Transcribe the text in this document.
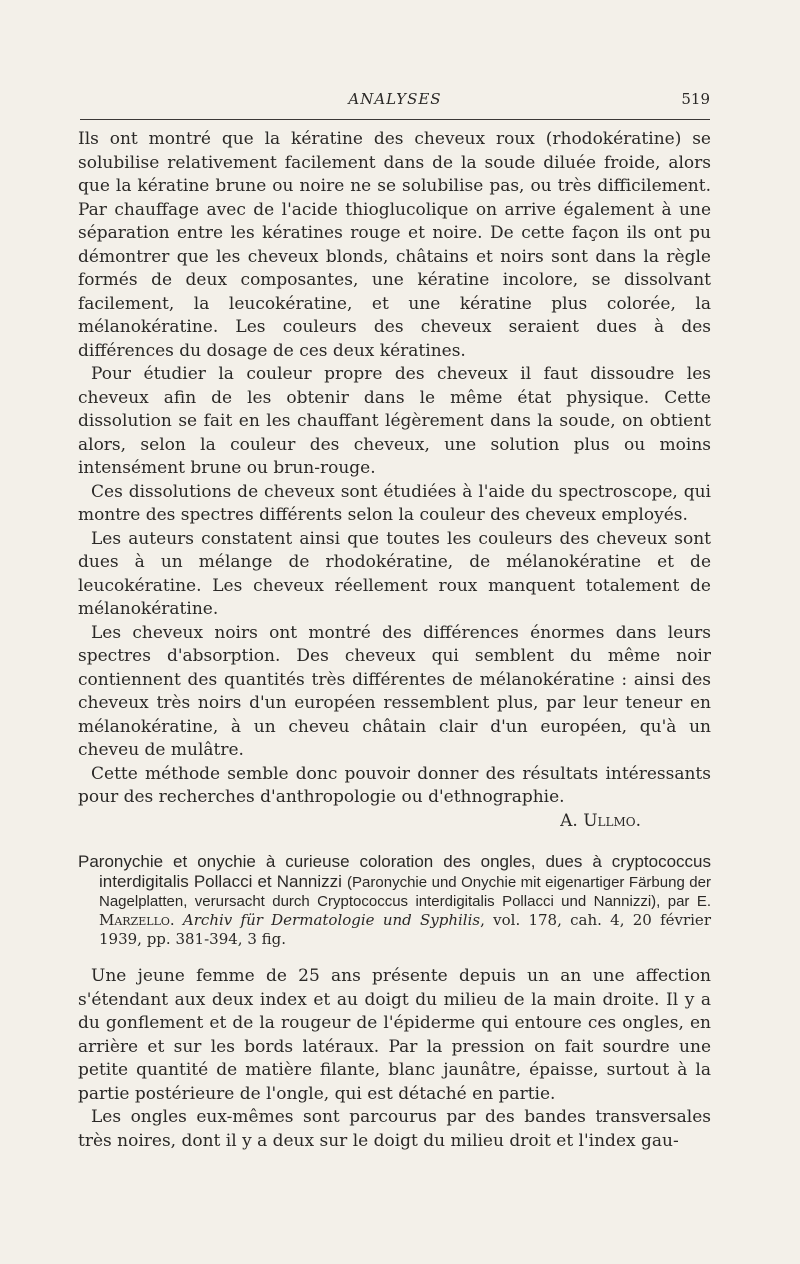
ANALYSES	519

Ils ont montré que la kératine des cheveux roux (rhodokératine) se solubilise relativement facilement dans de la soude diluée froide, alors que la kératine brune ou noire ne se solubilise pas, ou très difficilement. Par chauffage avec de l'acide thioglucolique on arrive également à une séparation entre les kératines rouge et noire. De cette façon ils ont pu démontrer que les cheveux blonds, châtains et noirs sont dans la règle formés de deux composantes, une kératine incolore, se dissolvant facilement, la leucokératine, et une kératine plus colorée, la mélanokératine. Les couleurs des cheveux seraient dues à des différences du dosage de ces deux kératines.

Pour étudier la couleur propre des cheveux il faut dissoudre les cheveux afin de les obtenir dans le même état physique. Cette dissolution se fait en les chauffant légèrement dans la soude, on obtient alors, selon la couleur des cheveux, une solution plus ou moins intensément brune ou brun-rouge.

Ces dissolutions de cheveux sont étudiées à l'aide du spectroscope, qui montre des spectres différents selon la couleur des cheveux employés.

Les auteurs constatent ainsi que toutes les couleurs des cheveux sont dues à un mélange de rhodokératine, de mélanokératine et de leucokératine. Les cheveux réellement roux manquent totalement de mélanokératine.

Les cheveux noirs ont montré des différences énormes dans leurs spectres d'absorption. Des cheveux qui semblent du même noir contiennent des quantités très différentes de mélanokératine : ainsi des cheveux très noirs d'un européen ressemblent plus, par leur teneur en mélanokératine, à un cheveu châtain clair d'un européen, qu'à un cheveu de mulâtre.

Cette méthode semble donc pouvoir donner des résultats intéressants pour des recherches d'anthropologie ou d'ethnographie.

A. Ullmo.

Paronychie et onychie à curieuse coloration des ongles, dues à cryptococcus interdigitalis Pollacci et Nannizzi (Paronychie und Onychie mit eigenartiger Färbung der Nagelplatten, verursacht durch Cryptococcus interdigitalis Pollacci und Nannizzi), par E. Marzello. Archiv für Dermatologie und Syphilis, vol. 178, cah. 4, 20 février 1939, pp. 381-394, 3 fig.

Une jeune femme de 25 ans présente depuis un an une affection s'étendant aux deux index et au doigt du milieu de la main droite. Il y a du gonflement et de la rougeur de l'épiderme qui entoure ces ongles, en arrière et sur les bords latéraux. Par la pression on fait sourdre une petite quantité de matière filante, blanc jaunâtre, épaisse, surtout à la partie postérieure de l'ongle, qui est détaché en partie.

Les ongles eux-mêmes sont parcourus par des bandes transversales très noires, dont il y a deux sur le doigt du milieu droit et l'index gau-
